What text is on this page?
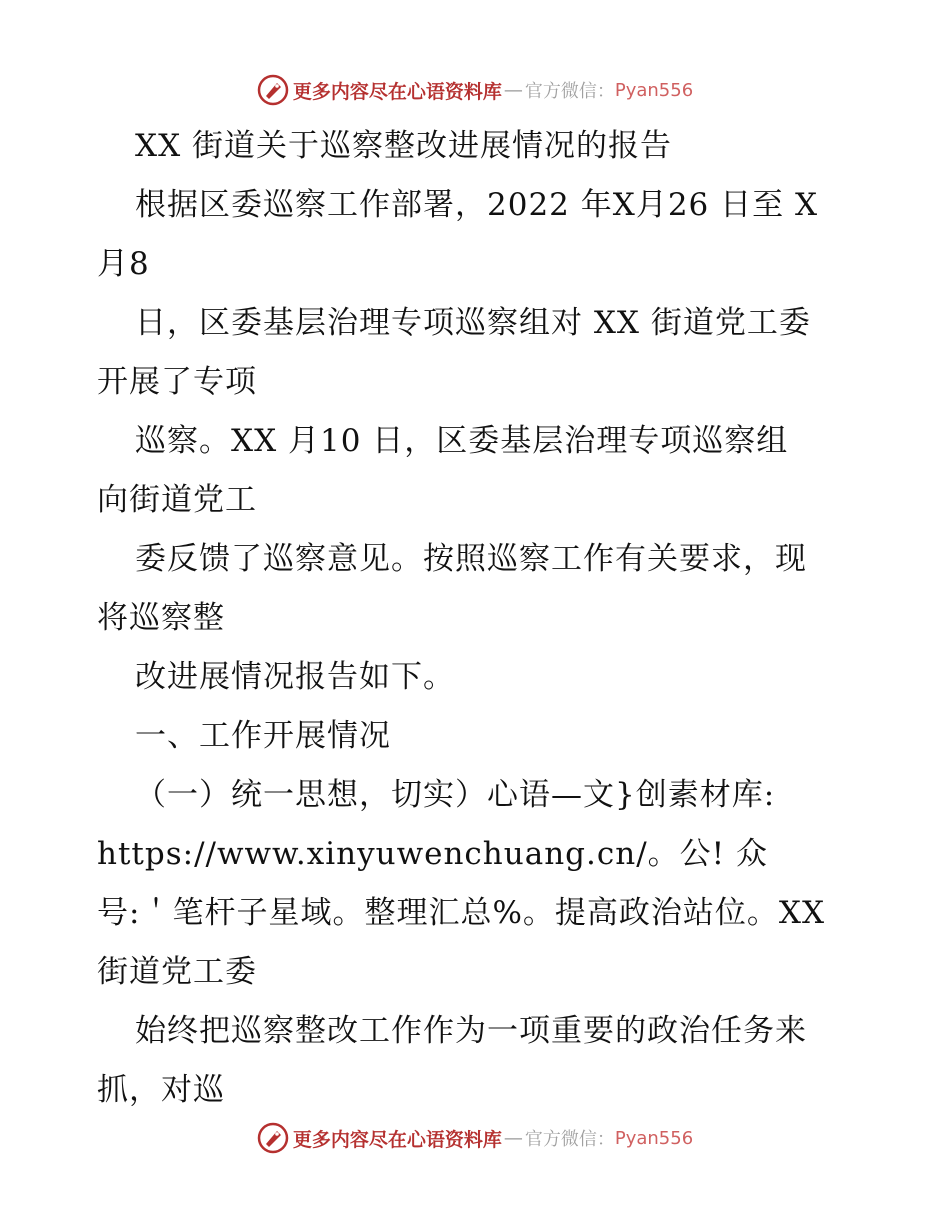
更多内容尽在心语资料库 — 官方微信： Pyan556
XX 街道关于巡察整改进展情况的报告
根据区委巡察工作部署，2022 年X月26 日至 X
月8
日，区委基层治理专项巡察组对 XX 街道党工委
开展了专项
巡察。XX 月10 日，区委基层治理专项巡察组
向街道党工
委反馈了巡察意见。按照巡察工作有关要求，现
将巡察整
改进展情况报告如下。
一、工作开展情况
（一）统一思想，切实）心语—文}创素材库:
https://www.xinyuwenchuang.cn/。公! 众
号:＇笔杆子星域。整理汇总%。提高政治站位。XX
街道党工委
始终把巡察整改工作作为一项重要的政治任务来
抓，对巡
更多内容尽在心语资料库 — 官方微信： Pyan556
